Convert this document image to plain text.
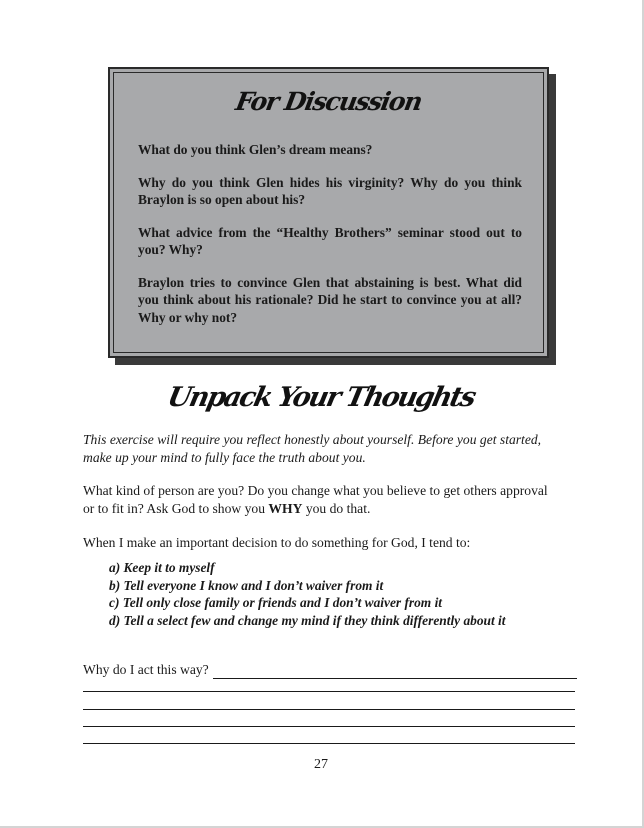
For Discussion

What do you think Glen’s dream means?

Why do you think Glen hides his virginity? Why do you think Braylon is so open about his?

What advice from the “Healthy Brothers” seminar stood out to you? Why?

Braylon tries to convince Glen that abstaining is best. What did you think about his rationale? Did he start to convince you at all? Why or why not?

Unpack Your Thoughts
This exercise will require you reflect honestly about yourself. Before you get started, make up your mind to fully face the truth about you.
What kind of person are you? Do you change what you believe to get others approval or to fit in? Ask God to show you WHY you do that.
When I make an important decision to do something for God, I tend to:
a) Keep it to myself
b) Tell everyone I know and I don’t waiver from it
c) Tell only close family or friends and I don’t waiver from it
d) Tell a select few and change my mind if they think differently about it
Why do I act this way?
27
